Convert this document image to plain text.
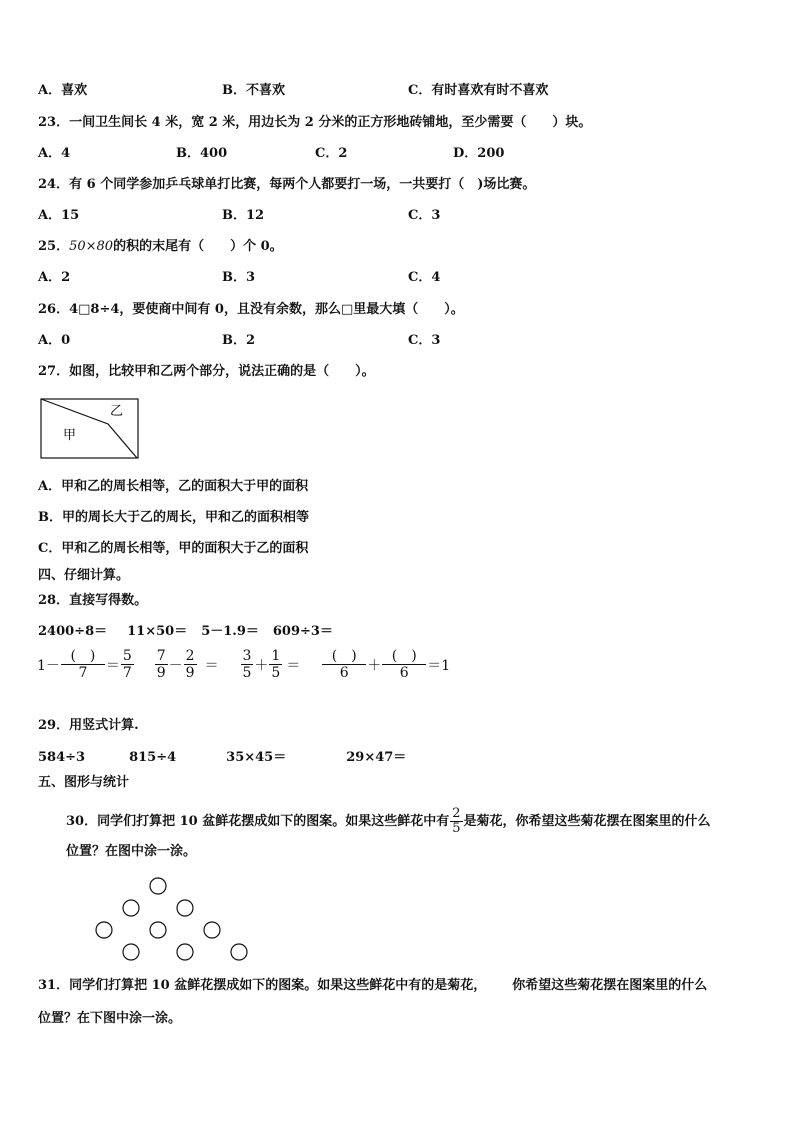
A．喜欢	B．不喜欢	C．有时喜欢有时不喜欢
23．一间卫生间长 4 米，宽 2 米，用边长为 2 分米的正方形地砖铺地，至少需要（　　）块。
A．4	B．400	C．2	D．200
24．有 6 个同学参加乒乓球单打比赛，每两个人都要打一场，一共要打（　)场比赛。
A．15	B．12	C．3
25．50×80的积的末尾有（　　）个 0。
A．2	B．3	C．4
26．4□8÷4，要使商中间有 0，且没有余数，那么□里最大填（　　）。
A．0	B．2	C．3
27．如图，比较甲和乙两个部分，说法正确的是（　　）。
乙
甲
A．甲和乙的周长相等，乙的面积大于甲的面积
B．甲的周长大于乙的周长，甲和乙的面积相等
C．甲和乙的周长相等，甲的面积大于乙的面积
四、仔细计算。
28．直接写得数。
2400÷8＝ 11×50＝ 5－1.9＝ 609÷3＝
$1- \frac{( )}{7} = \frac{5}{7}$
$\frac{7}{9} - \frac{2}{9} = \frac{3}{5} + \frac{1}{5} = \frac{( )}{6} + \frac{( )}{6} =1$
29．用竖式计算.
584÷3	815÷4	35×45＝	29×47＝
五、图形与统计
30．同学们打算把 10 盆鲜花摆成如下的图案。如果这些鲜花中有 $\frac{2}{5}$ 是菊花，你希望这些菊花摆在图案里的什么
位置？在图中涂一涂。
31．同学们打算把 10 盆鲜花摆成如下的图案。如果这些鲜花中有的是菊花， 你希望这些菊花摆在图案里的什么
位置？在下图中涂一涂。
